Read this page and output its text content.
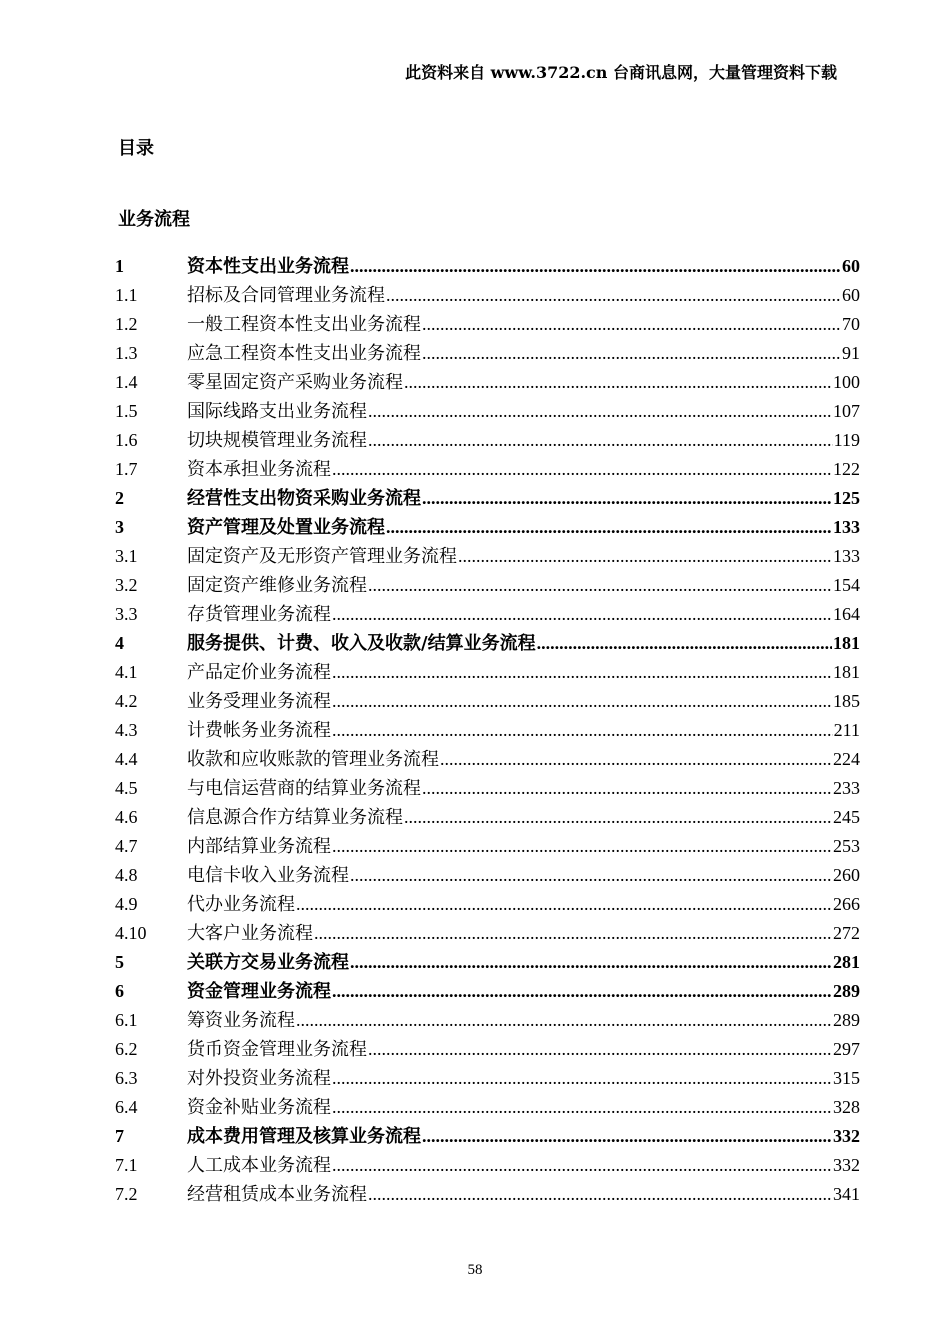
此资料来自 www.3722.cn 台商讯息网，大量管理资料下载
目录
业务流程
1	资本性支出业务流程 .....	60
1.1	招标及合同管理业务流程 .....	60
1.2	一般工程资本性支出业务流程 .....	70
1.3	应急工程资本性支出业务流程 .....	91
1.4	零星固定资产采购业务流程 .....	100
1.5	国际线路支出业务流程 .....	107
1.6	切块规模管理业务流程 .....	119
1.7	资本承担业务流程 .....	122
2	经营性支出物资采购业务流程 .....	125
3	资产管理及处置业务流程 .....	133
3.1	固定资产及无形资产管理业务流程 .....	133
3.2	固定资产维修业务流程 .....	154
3.3	存货管理业务流程 .....	164
4	服务提供、计费、收入及收款/结算业务流程 .....	181
4.1	产品定价业务流程 .....	181
4.2	业务受理业务流程 .....	185
4.3	计费帐务业务流程 .....	211
4.4	收款和应收账款的管理业务流程 .....	224
4.5	与电信运营商的结算业务流程 .....	233
4.6	信息源合作方结算业务流程 .....	245
4.7	内部结算业务流程 .....	253
4.8	电信卡收入业务流程 .....	260
4.9	代办业务流程 .....	266
4.10	大客户业务流程 .....	272
5	关联方交易业务流程 .....	281
6	资金管理业务流程 .....	289
6.1	筹资业务流程 .....	289
6.2	货币资金管理业务流程 .....	297
6.3	对外投资业务流程 .....	315
6.4	资金补贴业务流程 .....	328
7	成本费用管理及核算业务流程 .....	332
7.1	人工成本业务流程 .....	332
7.2	经营租赁成本业务流程 .....	341
58
